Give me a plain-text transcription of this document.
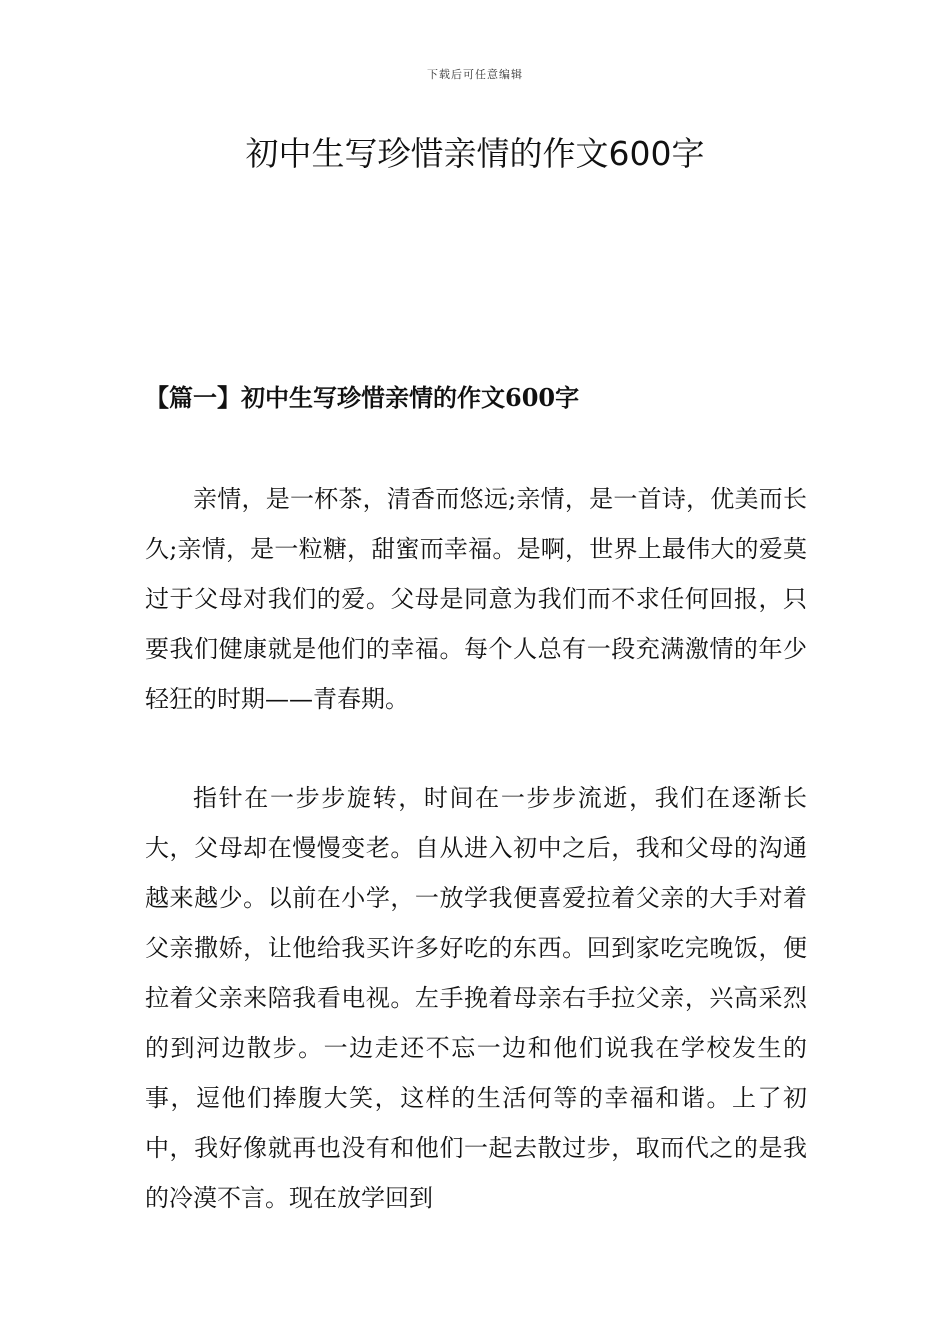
下载后可任意编辑
初中生写珍惜亲情的作文600字
【篇一】初中生写珍惜亲情的作文600字

亲情，是一杯茶，清香而悠远;亲情，是一首诗，优美而长久;亲情，是一粒糖，甜蜜而幸福。是啊，世界上最伟大的爱莫过于父母对我们的爱。父母是同意为我们而不求任何回报，只要我们健康就是他们的幸福。每个人总有一段充满激情的年少轻狂的时期——青春期。

指针在一步步旋转，时间在一步步流逝，我们在逐渐长大，父母却在慢慢变老。自从进入初中之后，我和父母的沟通越来越少。以前在小学，一放学我便喜爱拉着父亲的大手对着父亲撒娇，让他给我买许多好吃的东西。回到家吃完晚饭，便拉着父亲来陪我看电视。左手挽着母亲右手拉父亲，兴高采烈的到河边散步。一边走还不忘一边和他们说我在学校发生的事，逗他们捧腹大笑，这样的生活何等的幸福和谐。上了初中，我好像就再也没有和他们一起去散过步，取而代之的是我的冷漠不言。现在放学回到
